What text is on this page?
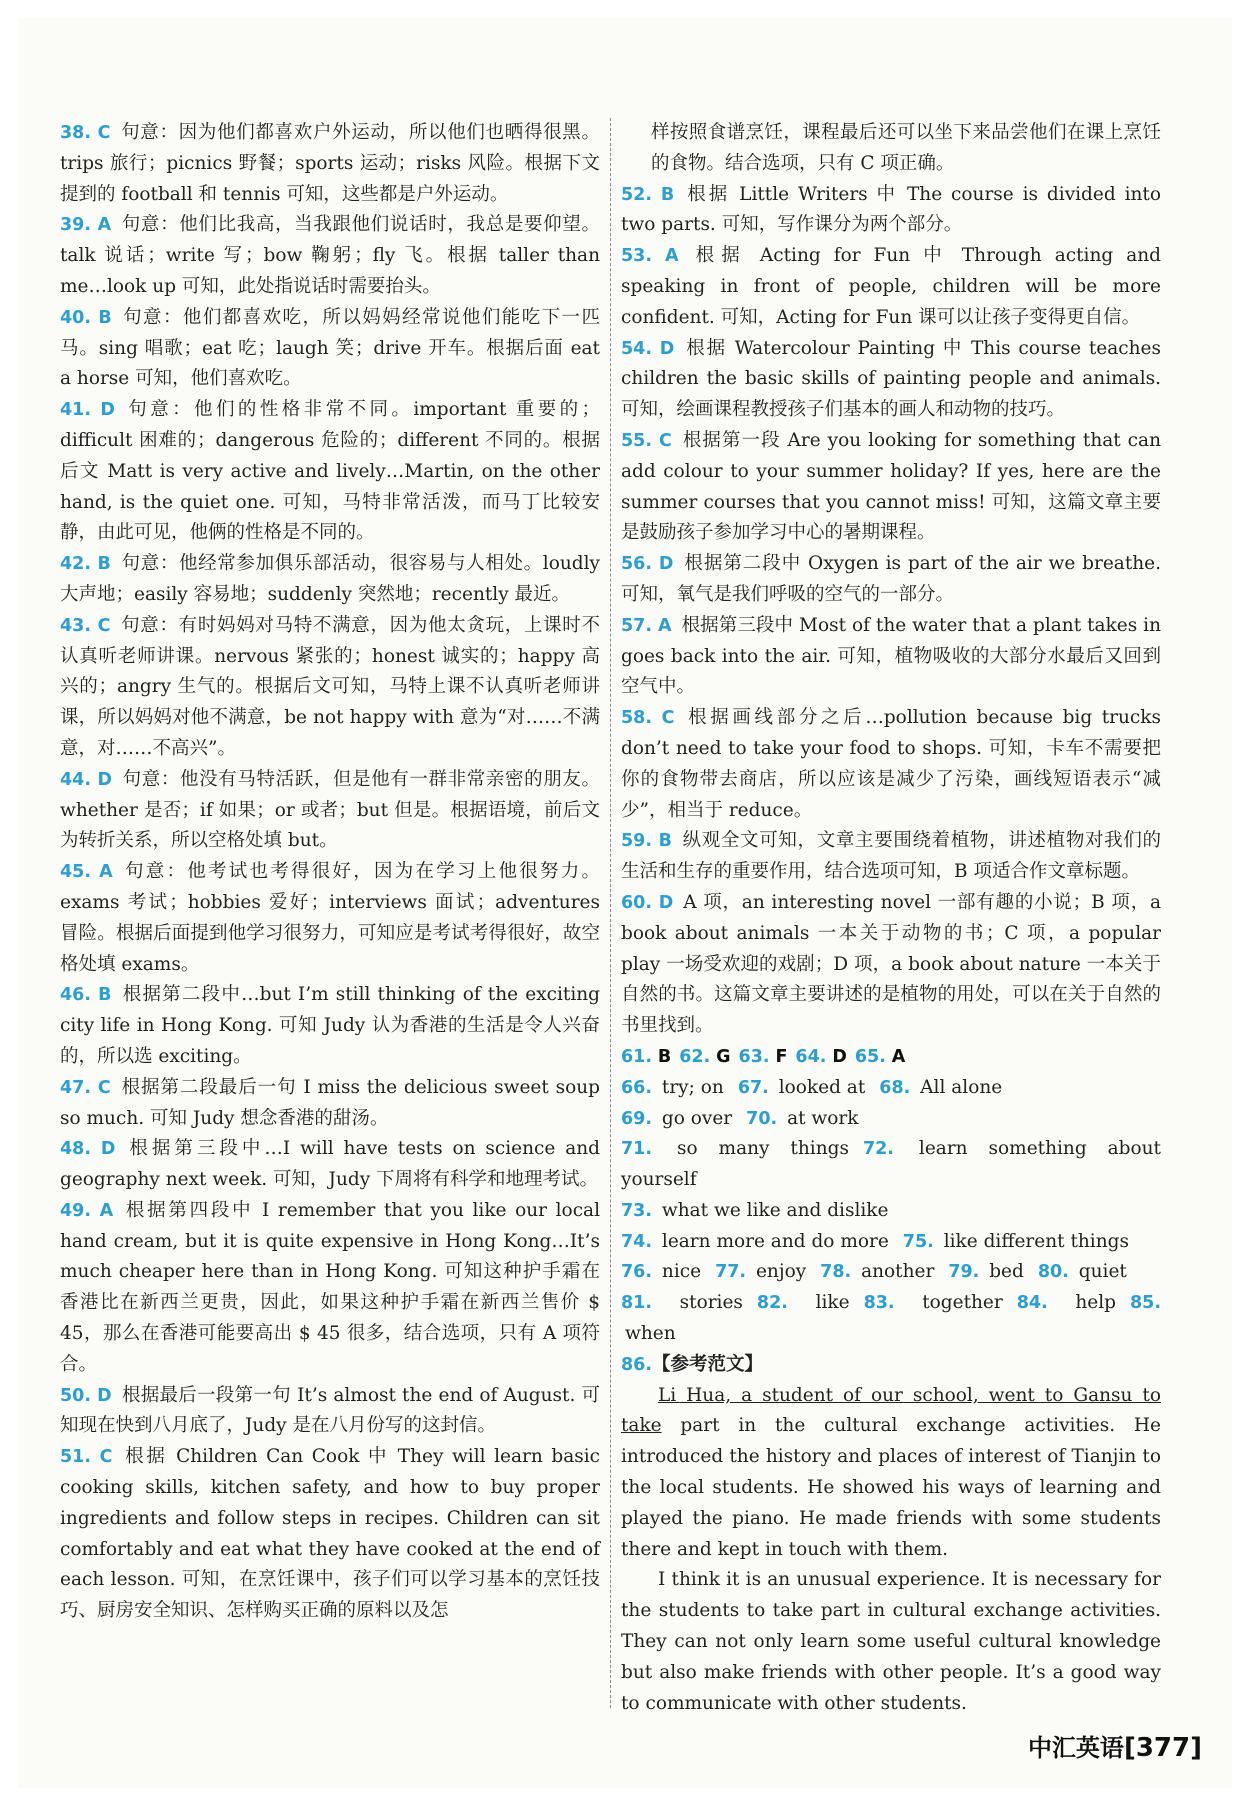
38. C 句意：因为他们都喜欢户外运动，所以他们也晒得很黑。trips 旅行；picnics 野餐；sports 运动；risks 风险。根据下文提到的 football 和 tennis 可知，这些都是户外运动。

39. A 句意：他们比我高，当我跟他们说话时，我总是要仰望。talk 说话；write 写；bow 鞠躬；fly 飞。根据 taller than me…look up 可知，此处指说话时需要抬头。

40. B 句意：他们都喜欢吃，所以妈妈经常说他们能吃下一匹马。sing 唱歌；eat 吃；laugh 笑；drive 开车。根据后面 eat a horse 可知，他们喜欢吃。

41. D 句意：他们的性格非常不同。important 重要的；difficult 困难的；dangerous 危险的；different 不同的。根据后文 Matt is very active and lively…Martin, on the other hand, is the quiet one. 可知，马特非常活泼，而马丁比较安静，由此可见，他俩的性格是不同的。

42. B 句意：他经常参加俱乐部活动，很容易与人相处。loudly 大声地；easily 容易地；suddenly 突然地；recently 最近。

43. C 句意：有时妈妈对马特不满意，因为他太贪玩，上课时不认真听老师讲课。nervous 紧张的；honest 诚实的；happy 高兴的；angry 生气的。根据后文可知，马特上课不认真听老师讲课，所以妈妈对他不满意，be not happy with 意为“对……不满意，对……不高兴”。

44. D 句意：他没有马特活跃，但是他有一群非常亲密的朋友。whether 是否；if 如果；or 或者；but 但是。根据语境，前后文为转折关系，所以空格处填 but。

45. A 句意：他考试也考得很好，因为在学习上他很努力。exams 考试；hobbies 爱好；interviews 面试；adventures 冒险。根据后面提到他学习很努力，可知应是考试考得很好，故空格处填 exams。

46. B 根据第二段中…but I’m still thinking of the exciting city life in Hong Kong. 可知 Judy 认为香港的生活是令人兴奋的，所以选 exciting。

47. C 根据第二段最后一句 I miss the delicious sweet soup so much. 可知 Judy 想念香港的甜汤。

48. D 根据第三段中…I will have tests on science and geography next week. 可知，Judy 下周将有科学和地理考试。

49. A 根据第四段中 I remember that you like our local hand cream, but it is quite expensive in Hong Kong…It’s much cheaper here than in Hong Kong. 可知这种护手霜在香港比在新西兰更贵，因此，如果这种护手霜在新西兰售价 $ 45，那么在香港可能要高出 $ 45 很多，结合选项，只有 A 项符合。

50. D 根据最后一段第一句 It’s almost the end of August. 可知现在快到八月底了，Judy 是在八月份写的这封信。

51. C 根据 Children Can Cook 中 They will learn basic cooking skills, kitchen safety, and how to buy proper ingredients and follow steps in recipes. Children can sit comfortably and eat what they have cooked at the end of each lesson. 可知，在烹饪课中，孩子们可以学习基本的烹饪技巧、厨房安全知识、怎样购买正确的原料以及怎

样按照食谱烹饪，课程最后还可以坐下来品尝他们在课上烹饪的食物。结合选项，只有 C 项正确。

52. B 根据 Little Writers 中 The course is divided into two parts. 可知，写作课分为两个部分。

53. A 根据 Acting for Fun 中 Through acting and speaking in front of people, children will be more confident. 可知，Acting for Fun 课可以让孩子变得更自信。

54. D 根据 Watercolour Painting 中 This course teaches children the basic skills of painting people and animals. 可知，绘画课程教授孩子们基本的画人和动物的技巧。

55. C 根据第一段 Are you looking for something that can add colour to your summer holiday? If yes, here are the summer courses that you cannot miss! 可知，这篇文章主要是鼓励孩子参加学习中心的暑期课程。

56. D 根据第二段中 Oxygen is part of the air we breathe. 可知，氧气是我们呼吸的空气的一部分。

57. A 根据第三段中 Most of the water that a plant takes in goes back into the air. 可知，植物吸收的大部分水最后又回到空气中。

58. C 根据画线部分之后…pollution because big trucks don’t need to take your food to shops. 可知，卡车不需要把你的食物带去商店，所以应该是减少了污染，画线短语表示“减少”，相当于 reduce。

59. B 纵观全文可知，文章主要围绕着植物，讲述植物对我们的生活和生存的重要作用，结合选项可知，B 项适合作文章标题。

60. D A 项，an interesting novel 一部有趣的小说；B 项，a book about animals 一本关于动物的书；C 项，a popular play 一场受欢迎的戏剧；D 项，a book about nature 一本关于自然的书。这篇文章主要讲述的是植物的用处，可以在关于自然的书里找到。

61. B 62. G 63. F 64. D 65. A

66. try; on 67. looked at 68. All alone

69. go over 70. at work

71. so many things 72. learn something about yourself

73. what we like and dislike

74. learn more and do more 75. like different things

76. nice 77. enjoy 78. another 79. bed 80. quiet

81. stories 82. like 83. together 84. help 85. when

86.【参考范文】

Li Hua, a student of our school, went to Gansu to take part in the cultural exchange activities. He introduced the history and places of interest of Tianjin to the local students. He showed his ways of learning and played the piano. He made friends with some students there and kept in touch with them.

I think it is an unusual experience. It is necessary for the students to take part in cultural exchange activities. They can not only learn some useful cultural knowledge but also make friends with other people. It’s a good way to communicate with other students.

中汇英语[377]
